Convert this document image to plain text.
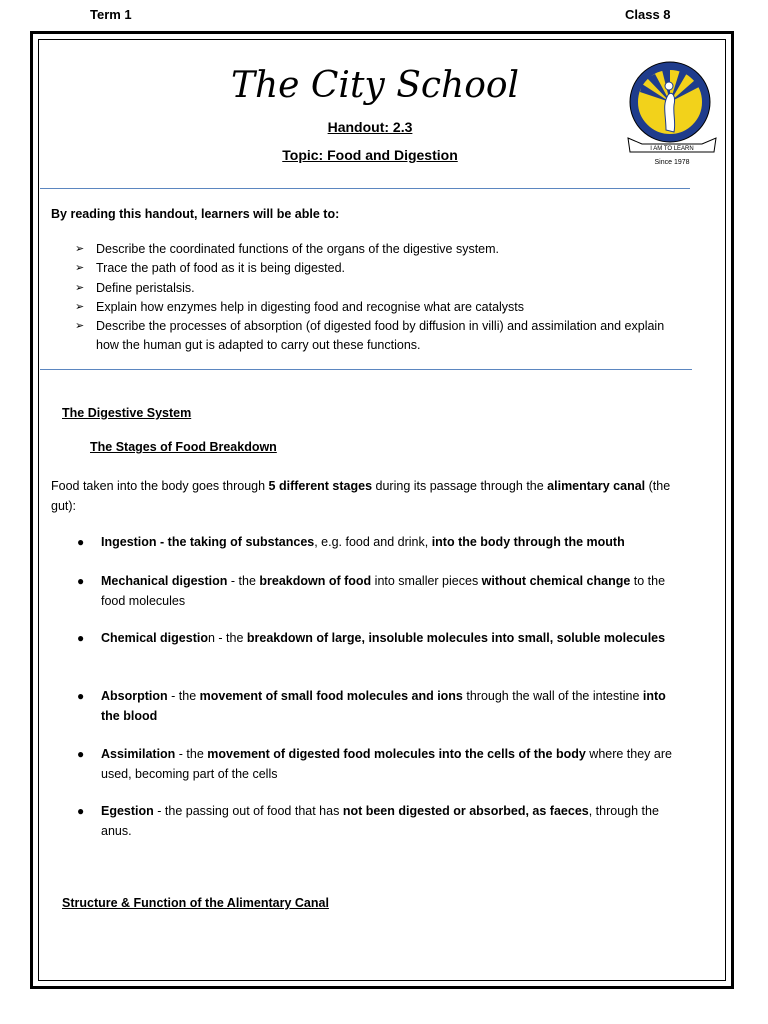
Term 1	Class 8
The City School
Handout: 2.3
Topic: Food and Digestion	I AM TO LEARN
Since 1978
By reading this handout, learners will be able to:
➢ Describe the coordinated functions of the organs of the digestive system.
➢ Trace the path of food as it is being digested.
➢ Define peristalsis.
➢ Explain how enzymes help in digesting food and recognise what are catalysts
➢ Describe the processes of absorption (of digested food by diffusion in villi) and assimilation and explain how the human gut is adapted to carry out these functions.
The Digestive System
The Stages of Food Breakdown
Food taken into the body goes through 5 different stages during its passage through the alimentary canal (the gut):
● Ingestion - the taking of substances, e.g. food and drink, into the body through the mouth
● Mechanical digestion - the breakdown of food into smaller pieces without chemical change to the food molecules
● Chemical digestion - the breakdown of large, insoluble molecules into small, soluble molecules
● Absorption - the movement of small food molecules and ions through the wall of the intestine into the blood
● Assimilation - the movement of digested food molecules into the cells of the body where they are used, becoming part of the cells
● Egestion - the passing out of food that has not been digested or absorbed, as faeces, through the anus.
Structure & Function of the Alimentary Canal
